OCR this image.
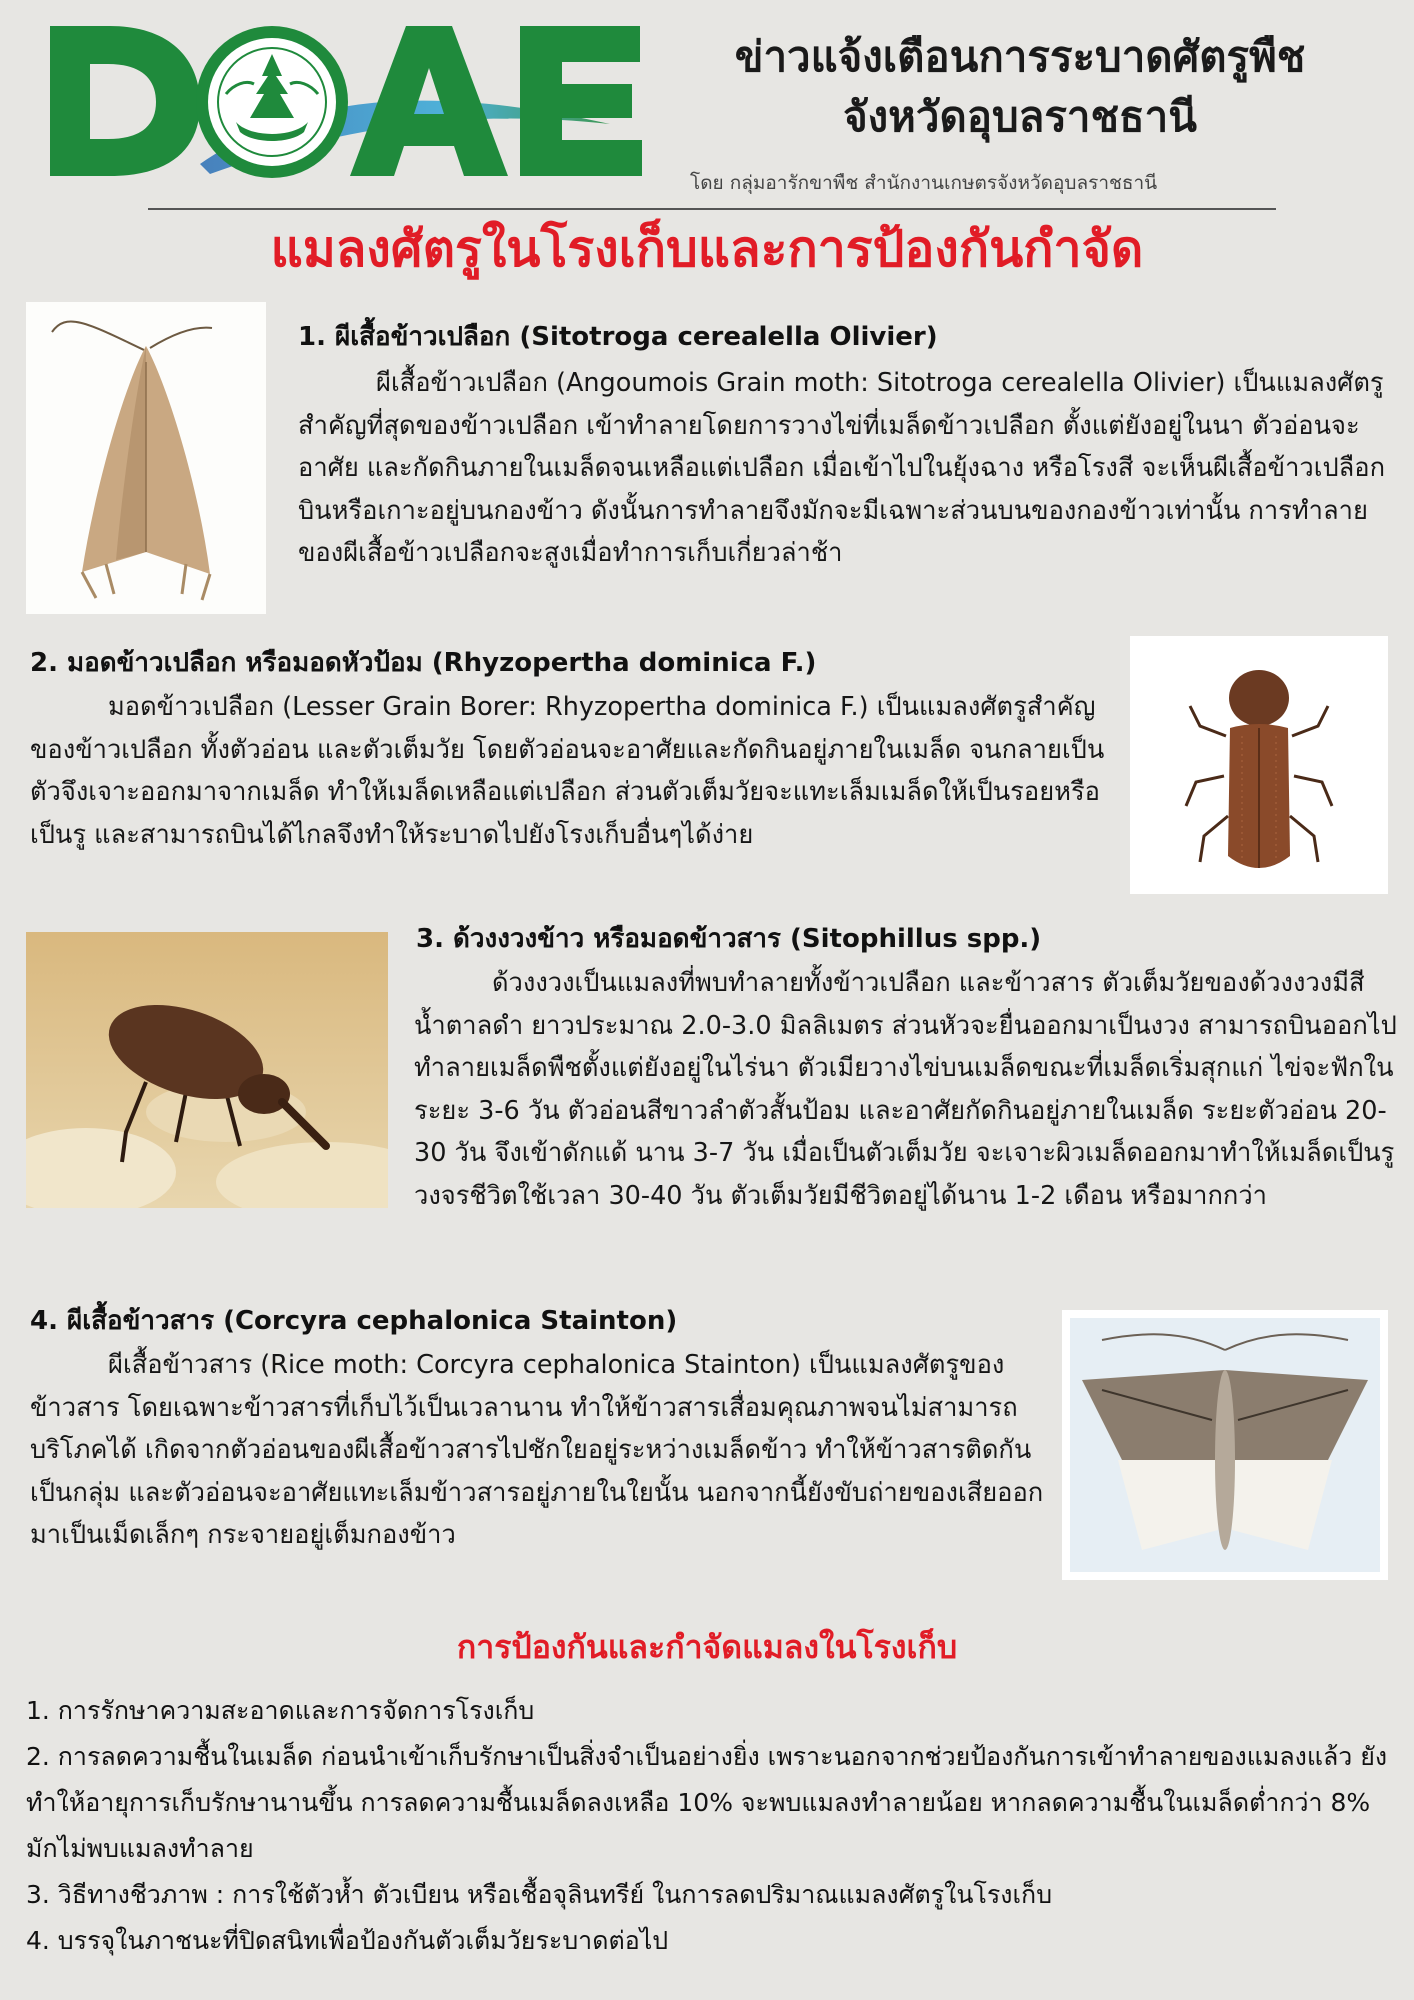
ข่าวแจ้งเตือนการระบาดศัตรูพืช
จังหวัดอุบลราชธานี
โดย กลุ่มอารักขาพืช สำนักงานเกษตรจังหวัดอุบลราชธานี
แมลงศัตรูในโรงเก็บและการป้องกันกำจัด
1. ผีเสื้อข้าวเปลือก (Sitotroga cerealella Olivier)
ผีเสื้อข้าวเปลือก (Angoumois Grain moth: Sitotroga cerealella Olivier) เป็นแมลงศัตรูสำคัญที่สุดของข้าวเปลือก เข้าทำลายโดยการวางไข่ที่เมล็ดข้าวเปลือก ตั้งแต่ยังอยู่ในนา ตัวอ่อนจะอาศัย และกัดกินภายในเมล็ดจนเหลือแต่เปลือก เมื่อเข้าไปในยุ้งฉาง หรือโรงสี จะเห็นผีเสื้อข้าวเปลือกบินหรือเกาะอยู่บนกองข้าว ดังนั้นการทำลายจึงมักจะมีเฉพาะส่วนบนของกองข้าวเท่านั้น การทำลายของผีเสื้อข้าวเปลือกจะสูงเมื่อทำการเก็บเกี่ยวล่าช้า
2. มอดข้าวเปลือก หรือมอดหัวป้อม (Rhyzopertha dominica F.)
มอดข้าวเปลือก (Lesser Grain Borer: Rhyzopertha dominica F.) เป็นแมลงศัตรูสำคัญของข้าวเปลือก ทั้งตัวอ่อน และตัวเต็มวัย โดยตัวอ่อนจะอาศัยและกัดกินอยู่ภายในเมล็ด จนกลายเป็นตัวจึงเจาะออกมาจากเมล็ด ทำให้เมล็ดเหลือแต่เปลือก ส่วนตัวเต็มวัยจะแทะเล็มเมล็ดให้เป็นรอยหรือเป็นรู และสามารถบินได้ไกลจึงทำให้ระบาดไปยังโรงเก็บอื่นๆได้ง่าย
3. ด้วงงวงข้าว หรือมอดข้าวสาร (Sitophillus spp.)
ด้วงงวงเป็นแมลงที่พบทำลายทั้งข้าวเปลือก และข้าวสาร ตัวเต็มวัยของด้วงงวงมีสีน้ำตาลดำ ยาวประมาณ 2.0-3.0 มิลลิเมตร ส่วนหัวจะยื่นออกมาเป็นงวง สามารถบินออกไปทำลายเมล็ดพืชตั้งแต่ยังอยู่ในไร่นา ตัวเมียวางไข่บนเมล็ดขณะที่เมล็ดเริ่มสุกแก่ ไข่จะฟักในระยะ 3-6 วัน ตัวอ่อนสีขาวลำตัวสั้นป้อม และอาศัยกัดกินอยู่ภายในเมล็ด ระยะตัวอ่อน 20-30 วัน จึงเข้าดักแด้ นาน 3-7 วัน เมื่อเป็นตัวเต็มวัย จะเจาะผิวเมล็ดออกมาทำให้เมล็ดเป็นรู วงจรชีวิตใช้เวลา 30-40 วัน ตัวเต็มวัยมีชีวิตอยู่ได้นาน 1-2 เดือน หรือมากกว่า
4. ผีเสื้อข้าวสาร (Corcyra cephalonica Stainton)
ผีเสื้อข้าวสาร (Rice moth: Corcyra cephalonica Stainton) เป็นแมลงศัตรูของข้าวสาร โดยเฉพาะข้าวสารที่เก็บไว้เป็นเวลานาน ทำให้ข้าวสารเสื่อมคุณภาพจนไม่สามารถบริโภคได้ เกิดจากตัวอ่อนของผีเสื้อข้าวสารไปชักใยอยู่ระหว่างเมล็ดข้าว ทำให้ข้าวสารติดกันเป็นกลุ่ม และตัวอ่อนจะอาศัยแทะเล็มข้าวสารอยู่ภายในใยนั้น นอกจากนี้ยังขับถ่ายของเสียออกมาเป็นเม็ดเล็กๆ กระจายอยู่เต็มกองข้าว
การป้องกันและกำจัดแมลงในโรงเก็บ
1. การรักษาความสะอาดและการจัดการโรงเก็บ
2. การลดความชื้นในเมล็ด ก่อนนำเข้าเก็บรักษาเป็นสิ่งจำเป็นอย่างยิ่ง เพราะนอกจากช่วยป้องกันการเข้าทำลายของแมลงแล้ว ยังทำให้อายุการเก็บรักษานานขึ้น การลดความชื้นเมล็ดลงเหลือ 10% จะพบแมลงทำลายน้อย หากลดความชื้นในเมล็ดต่ำกว่า 8% มักไม่พบแมลงทำลาย
3. วิธีทางชีวภาพ : การใช้ตัวห้ำ ตัวเบียน หรือเชื้อจุลินทรีย์ ในการลดปริมาณแมลงศัตรูในโรงเก็บ
4. บรรจุในภาชนะที่ปิดสนิทเพื่อป้องกันตัวเต็มวัยระบาดต่อไป
